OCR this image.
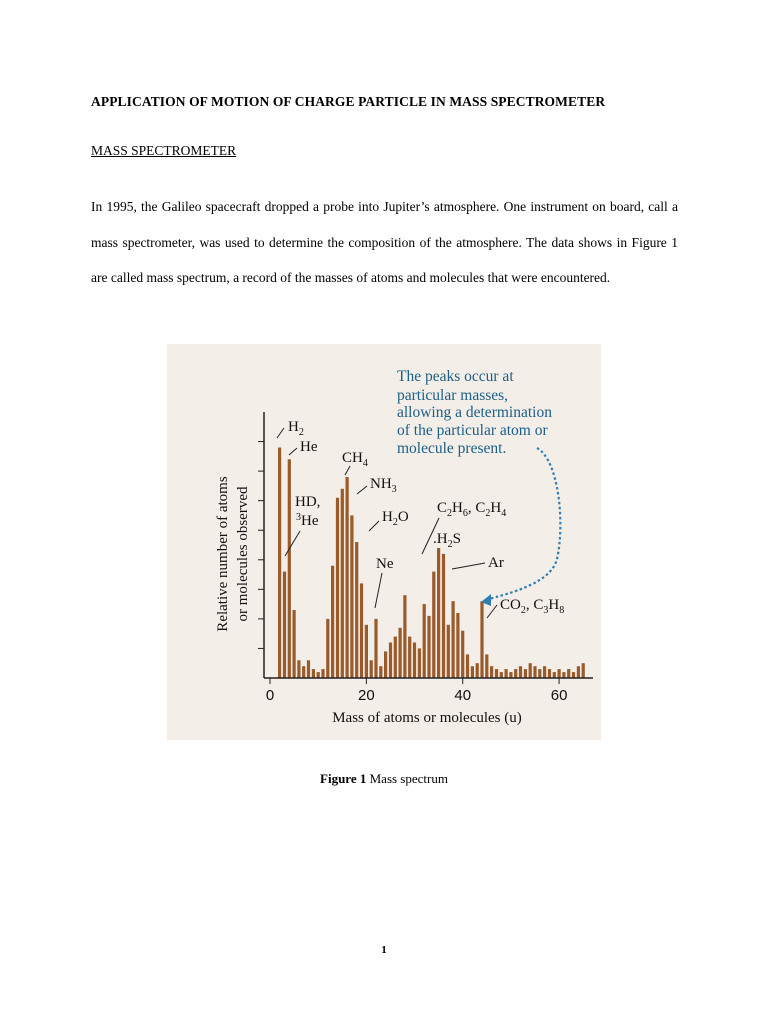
APPLICATION OF MOTION OF CHARGE PARTICLE IN MASS SPECTROMETER
MASS SPECTROMETER

In 1995, the Galileo spacecraft dropped a probe into Jupiter’s atmosphere. One instrument on board, call a mass spectrometer, was used to determine the composition of the atmosphere. The data shows in Figure 1 are called mass spectrum, a record of the masses of atoms and molecules that were encountered.

0	20	40	60
Mass of atoms or molecules (u)
Relative number of atoms or molecules observed
The peaks occur at
particular masses,
allowing a determination
of the particular atom or
molecule present.
$H_2$
He
$CH_4$
$NH_3$
HD,
$^3$He	$H_2O$
$C_2H_6$, $C_2H_4$
$.H_2S$
Ne	Ar
$CO_2$, $C_3H_8$
Figure 1 Mass spectrum
1
